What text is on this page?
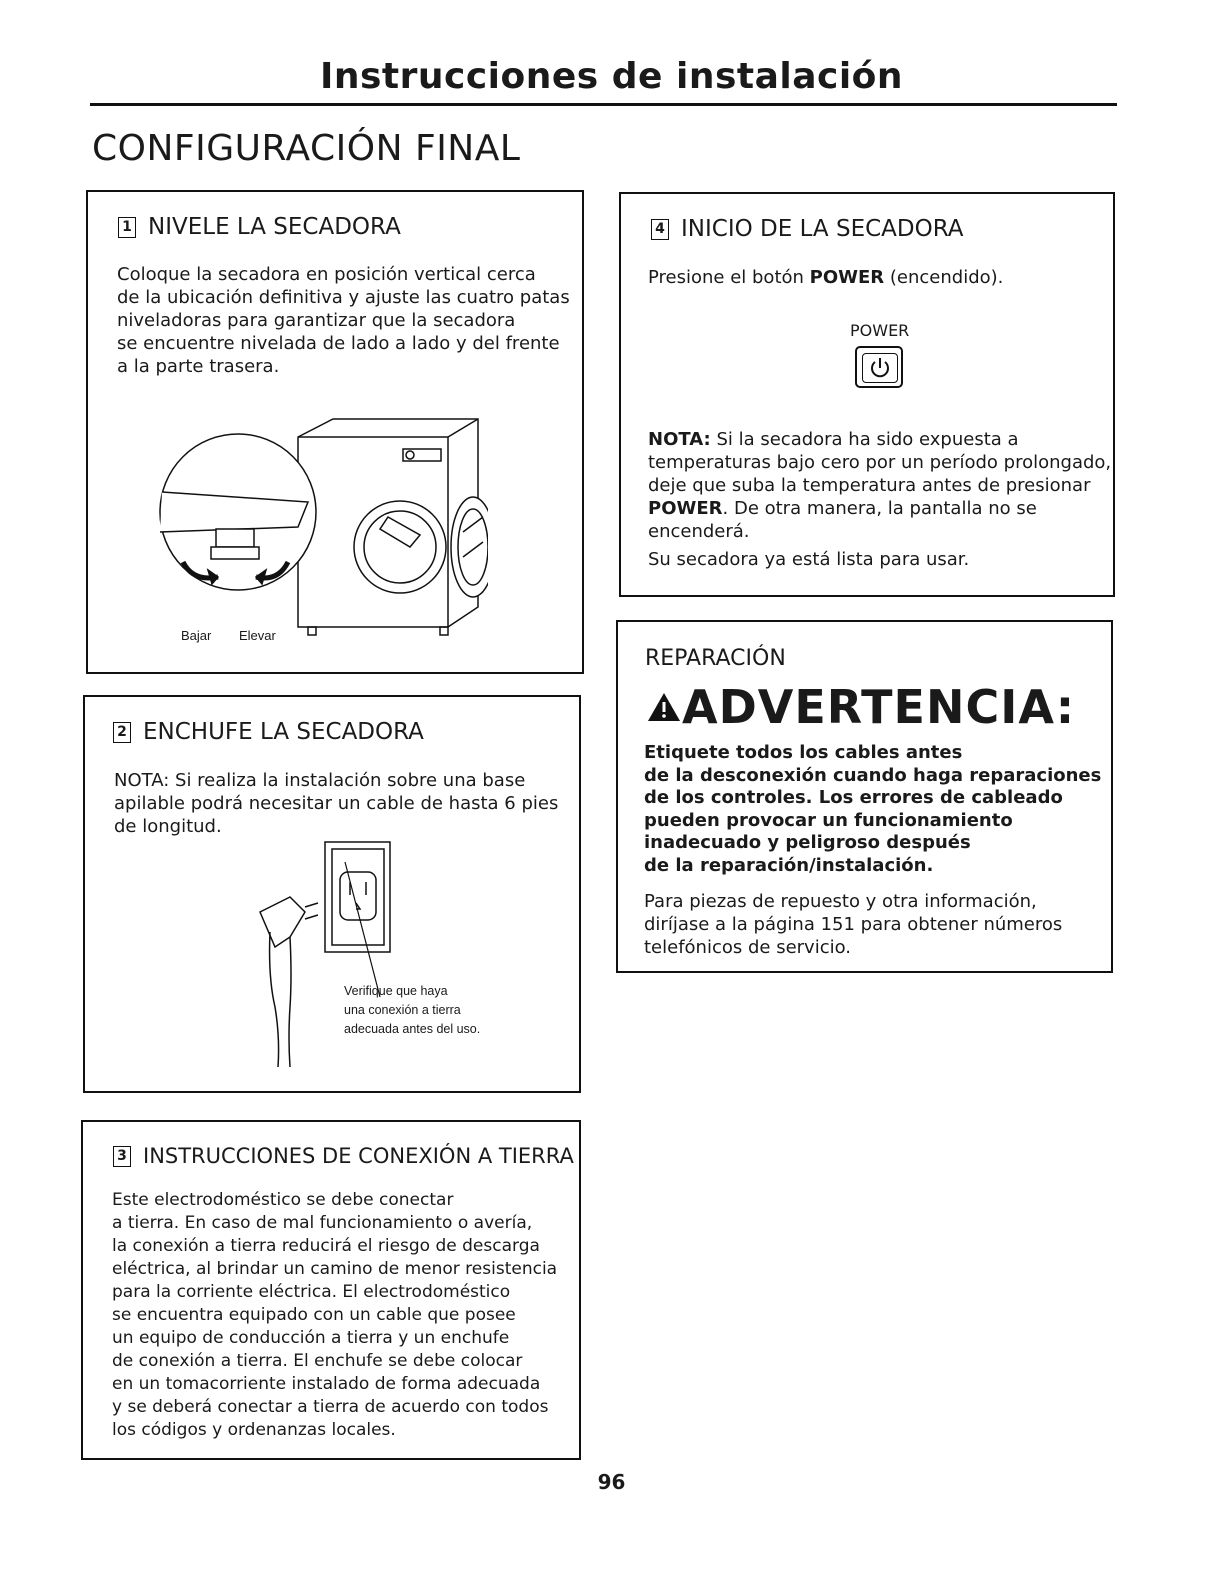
Instrucciones de instalación
CONFIGURACIÓN FINAL
1 NIVELE LA SECADORA

Coloque la secadora en posición vertical cerca

de la ubicación definitiva y ajuste las cuatro patas

niveladoras para garantizar que la secadora

se encuentre nivelada de lado a lado y del frente

a la parte trasera.

Bajar Elevar
2 ENCHUFE LA SECADORA

NOTA: Si realiza la instalación sobre una base

apilable podrá necesitar un cable de hasta 6 pies

de longitud.

Verifique que haya
una conexión a tierra
adecuada antes del uso.
3 INSTRUCCIONES DE CONEXIÓN A TIERRA

Este electrodoméstico se debe conectar

a tierra. En caso de mal funcionamiento o avería,

la conexión a tierra reducirá el riesgo de descarga

eléctrica, al brindar un camino de menor resistencia

para la corriente eléctrica. El electrodoméstico

se encuentra equipado con un cable que posee

un equipo de conducción a tierra y un enchufe

de conexión a tierra. El enchufe se debe colocar

en un tomacorriente instalado de forma adecuada

y se deberá conectar a tierra de acuerdo con todos

los códigos y ordenanzas locales.

4 INICIO DE LA SECADORA
Presione el botón POWER (encendido).
POWER

NOTA: Si la secadora ha sido expuesta a

temperaturas bajo cero por un período prolongado,

deje que suba la temperatura antes de presionar

POWER. De otra manera, la pantalla no se

encenderá.

Su secadora ya está lista para usar.

REPARACIÓN
ADVERTENCIA:

Etiquete todos los cables antes

de la desconexión cuando haga reparaciones

de los controles. Los errores de cableado

pueden provocar un funcionamiento

inadecuado y peligroso después

de la reparación/instalación.

Para piezas de repuesto y otra información,

diríjase a la página 151 para obtener números

telefónicos de servicio.

96
